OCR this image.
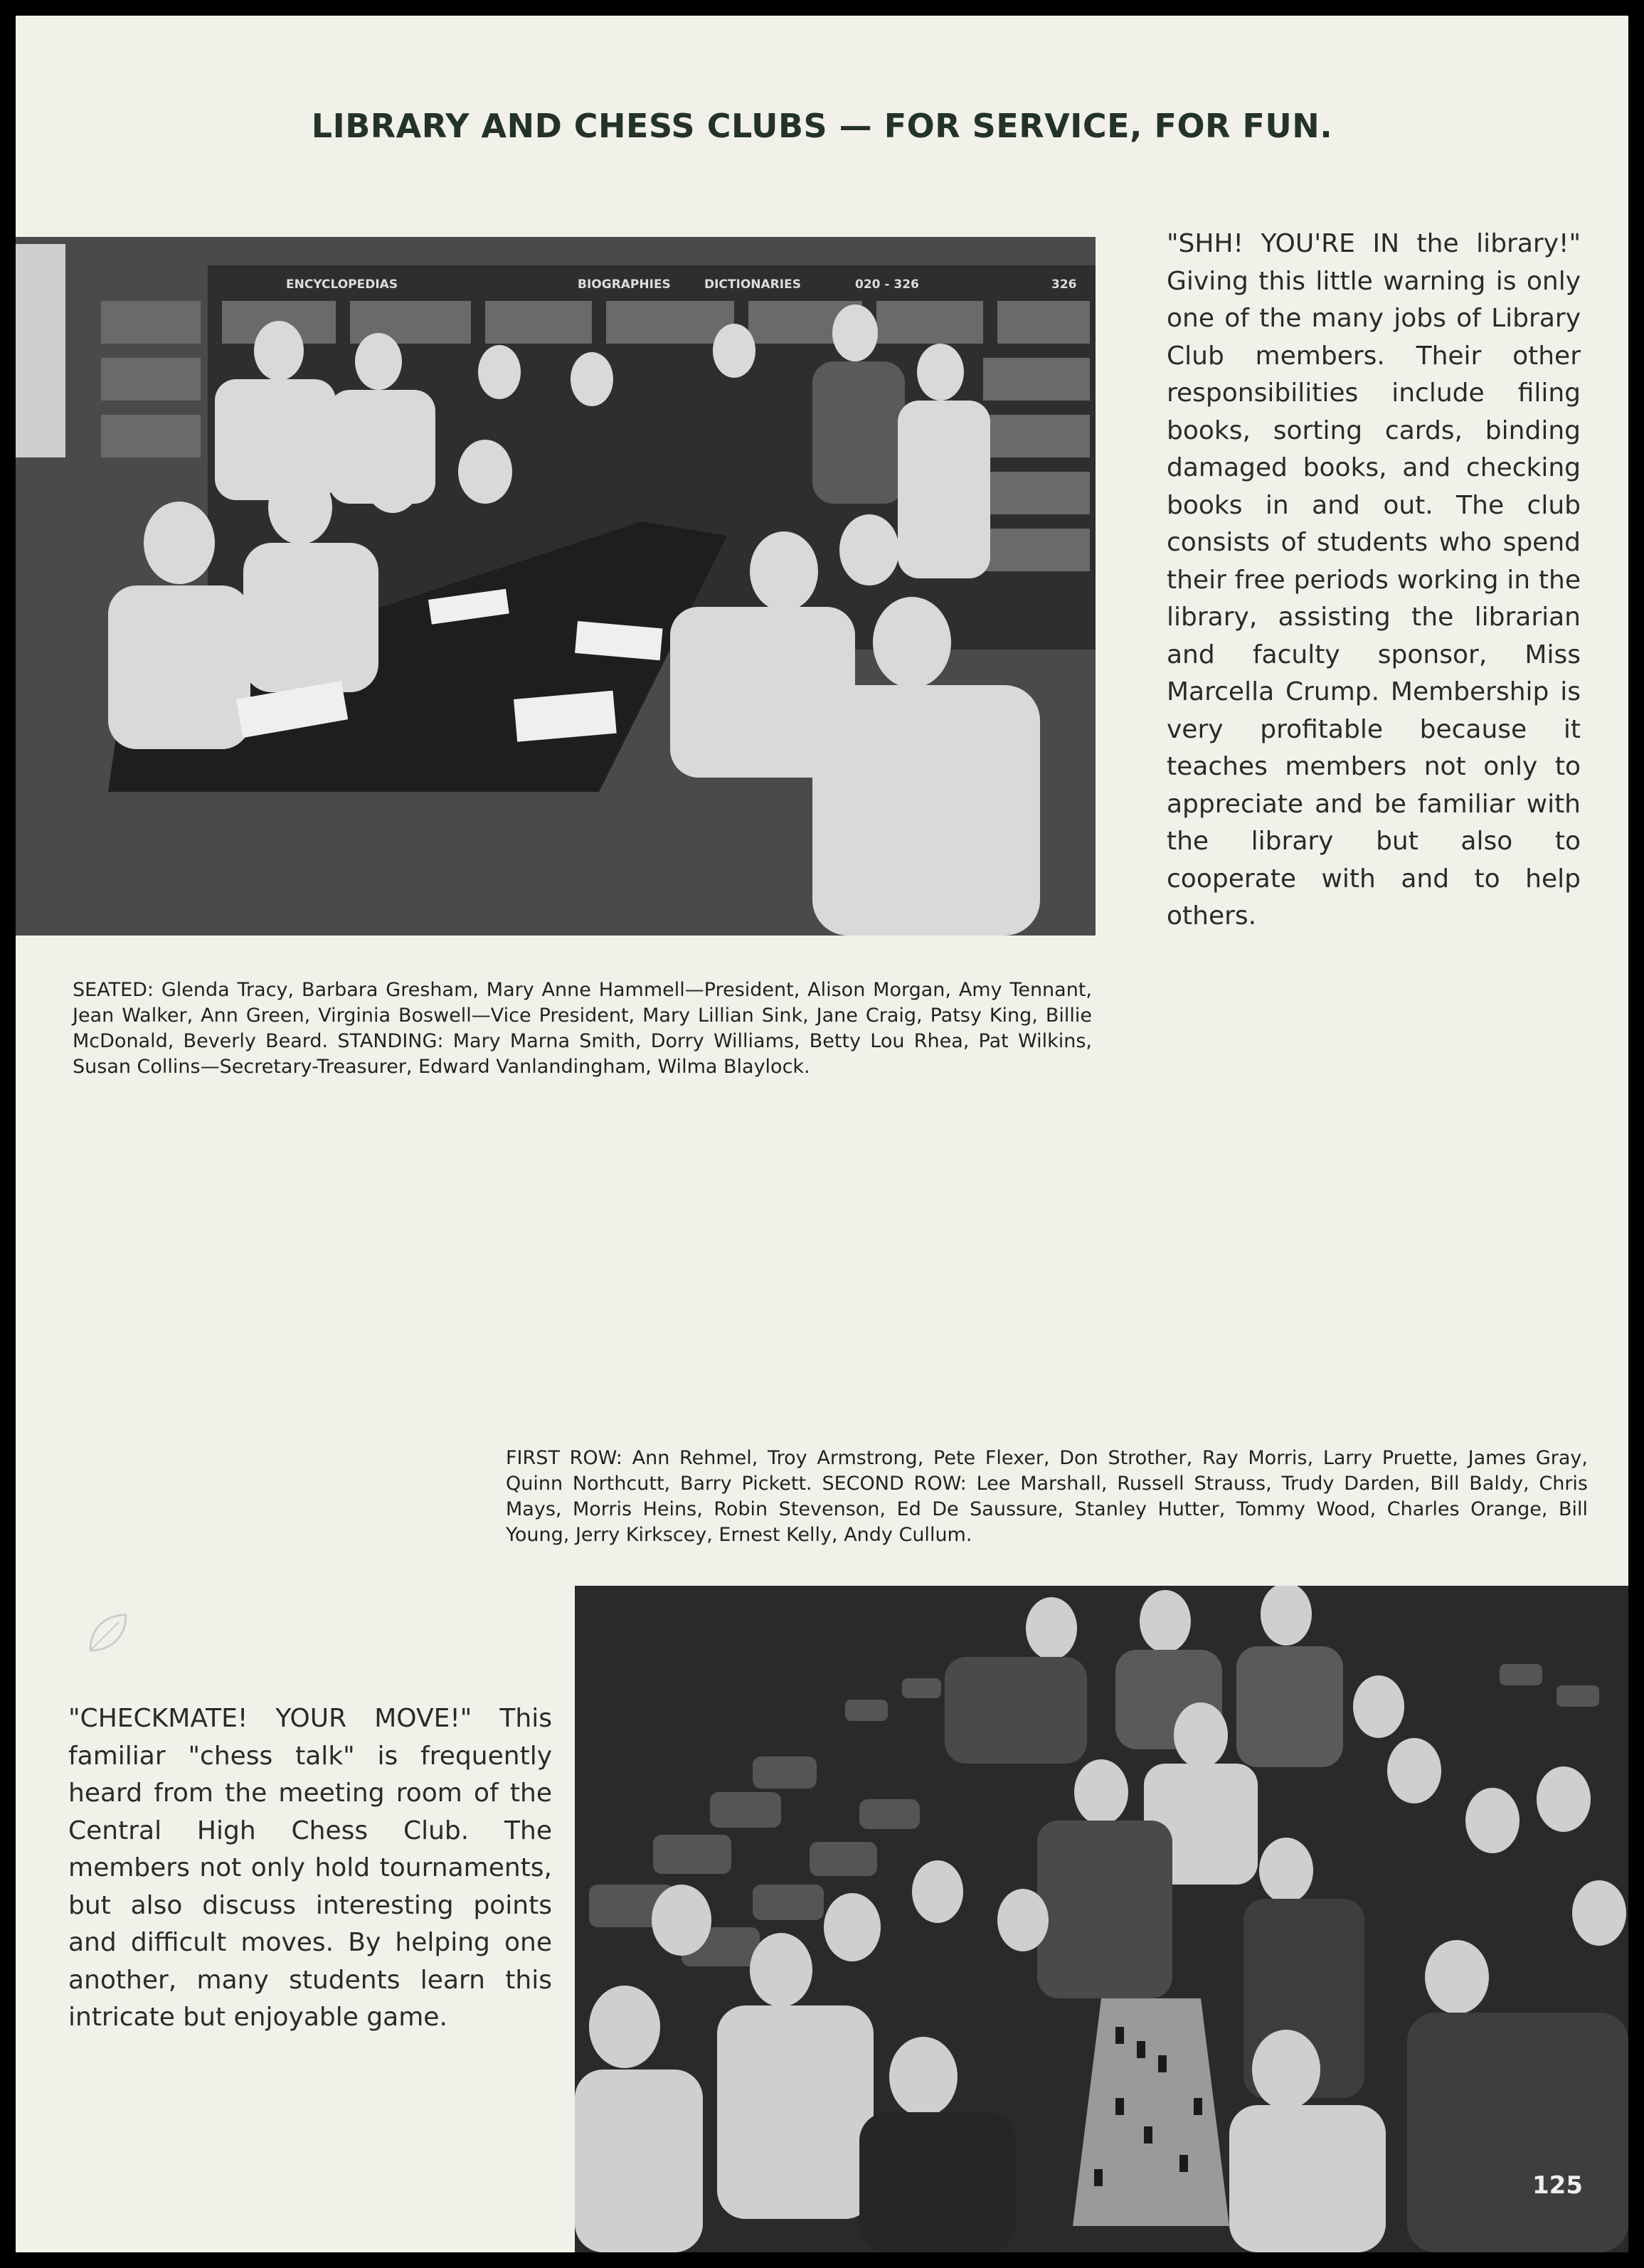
LIBRARY AND CHESS CLUBS — FOR SERVICE, FOR FUN.
ENCYCLOPEDIAS	BIOGRAPHIES	DICTIONARIES	020 - 326	326

"SHH! YOU'RE IN the library!" Giving this little warning is only one of the many jobs of Library Club members. Their other responsibilities include filing books, sorting cards, binding damaged books, and checking books in and out. The club consists of students who spend their free periods working in the library, assisting the librarian and faculty sponsor, Miss Marcella Crump. Membership is very profitable because it teaches members not only to appreciate and be familiar with the library but also to cooperate with and to help others.

SEATED: Glenda Tracy, Barbara Gresham, Mary Anne Hammell—President, Alison Morgan, Amy Tennant, Jean Walker, Ann Green, Virginia Boswell—Vice President, Mary Lillian Sink, Jane Craig, Patsy King, Billie McDonald, Beverly Beard. STANDING: Mary Marna Smith, Dorry Williams, Betty Lou Rhea, Pat Wilkins, Susan Collins—Secretary-Treasurer, Edward Vanlandingham, Wilma Blaylock.

FIRST ROW: Ann Rehmel, Troy Armstrong, Pete Flexer, Don Strother, Ray Morris, Larry Pruette, James Gray, Quinn Northcutt, Barry Pickett. SECOND ROW: Lee Marshall, Russell Strauss, Trudy Darden, Bill Baldy, Chris Mays, Morris Heins, Robin Stevenson, Ed De Saussure, Stanley Hutter, Tommy Wood, Charles Orange, Bill Young, Jerry Kirkscey, Ernest Kelly, Andy Cullum.

"CHECKMATE! YOUR MOVE!" This familiar "chess talk" is frequently heard from the meeting room of the Central High Chess Club. The members not only hold tournaments, but also discuss interesting points and difficult moves. By helping one another, many students learn this intricate but enjoyable game.

125
